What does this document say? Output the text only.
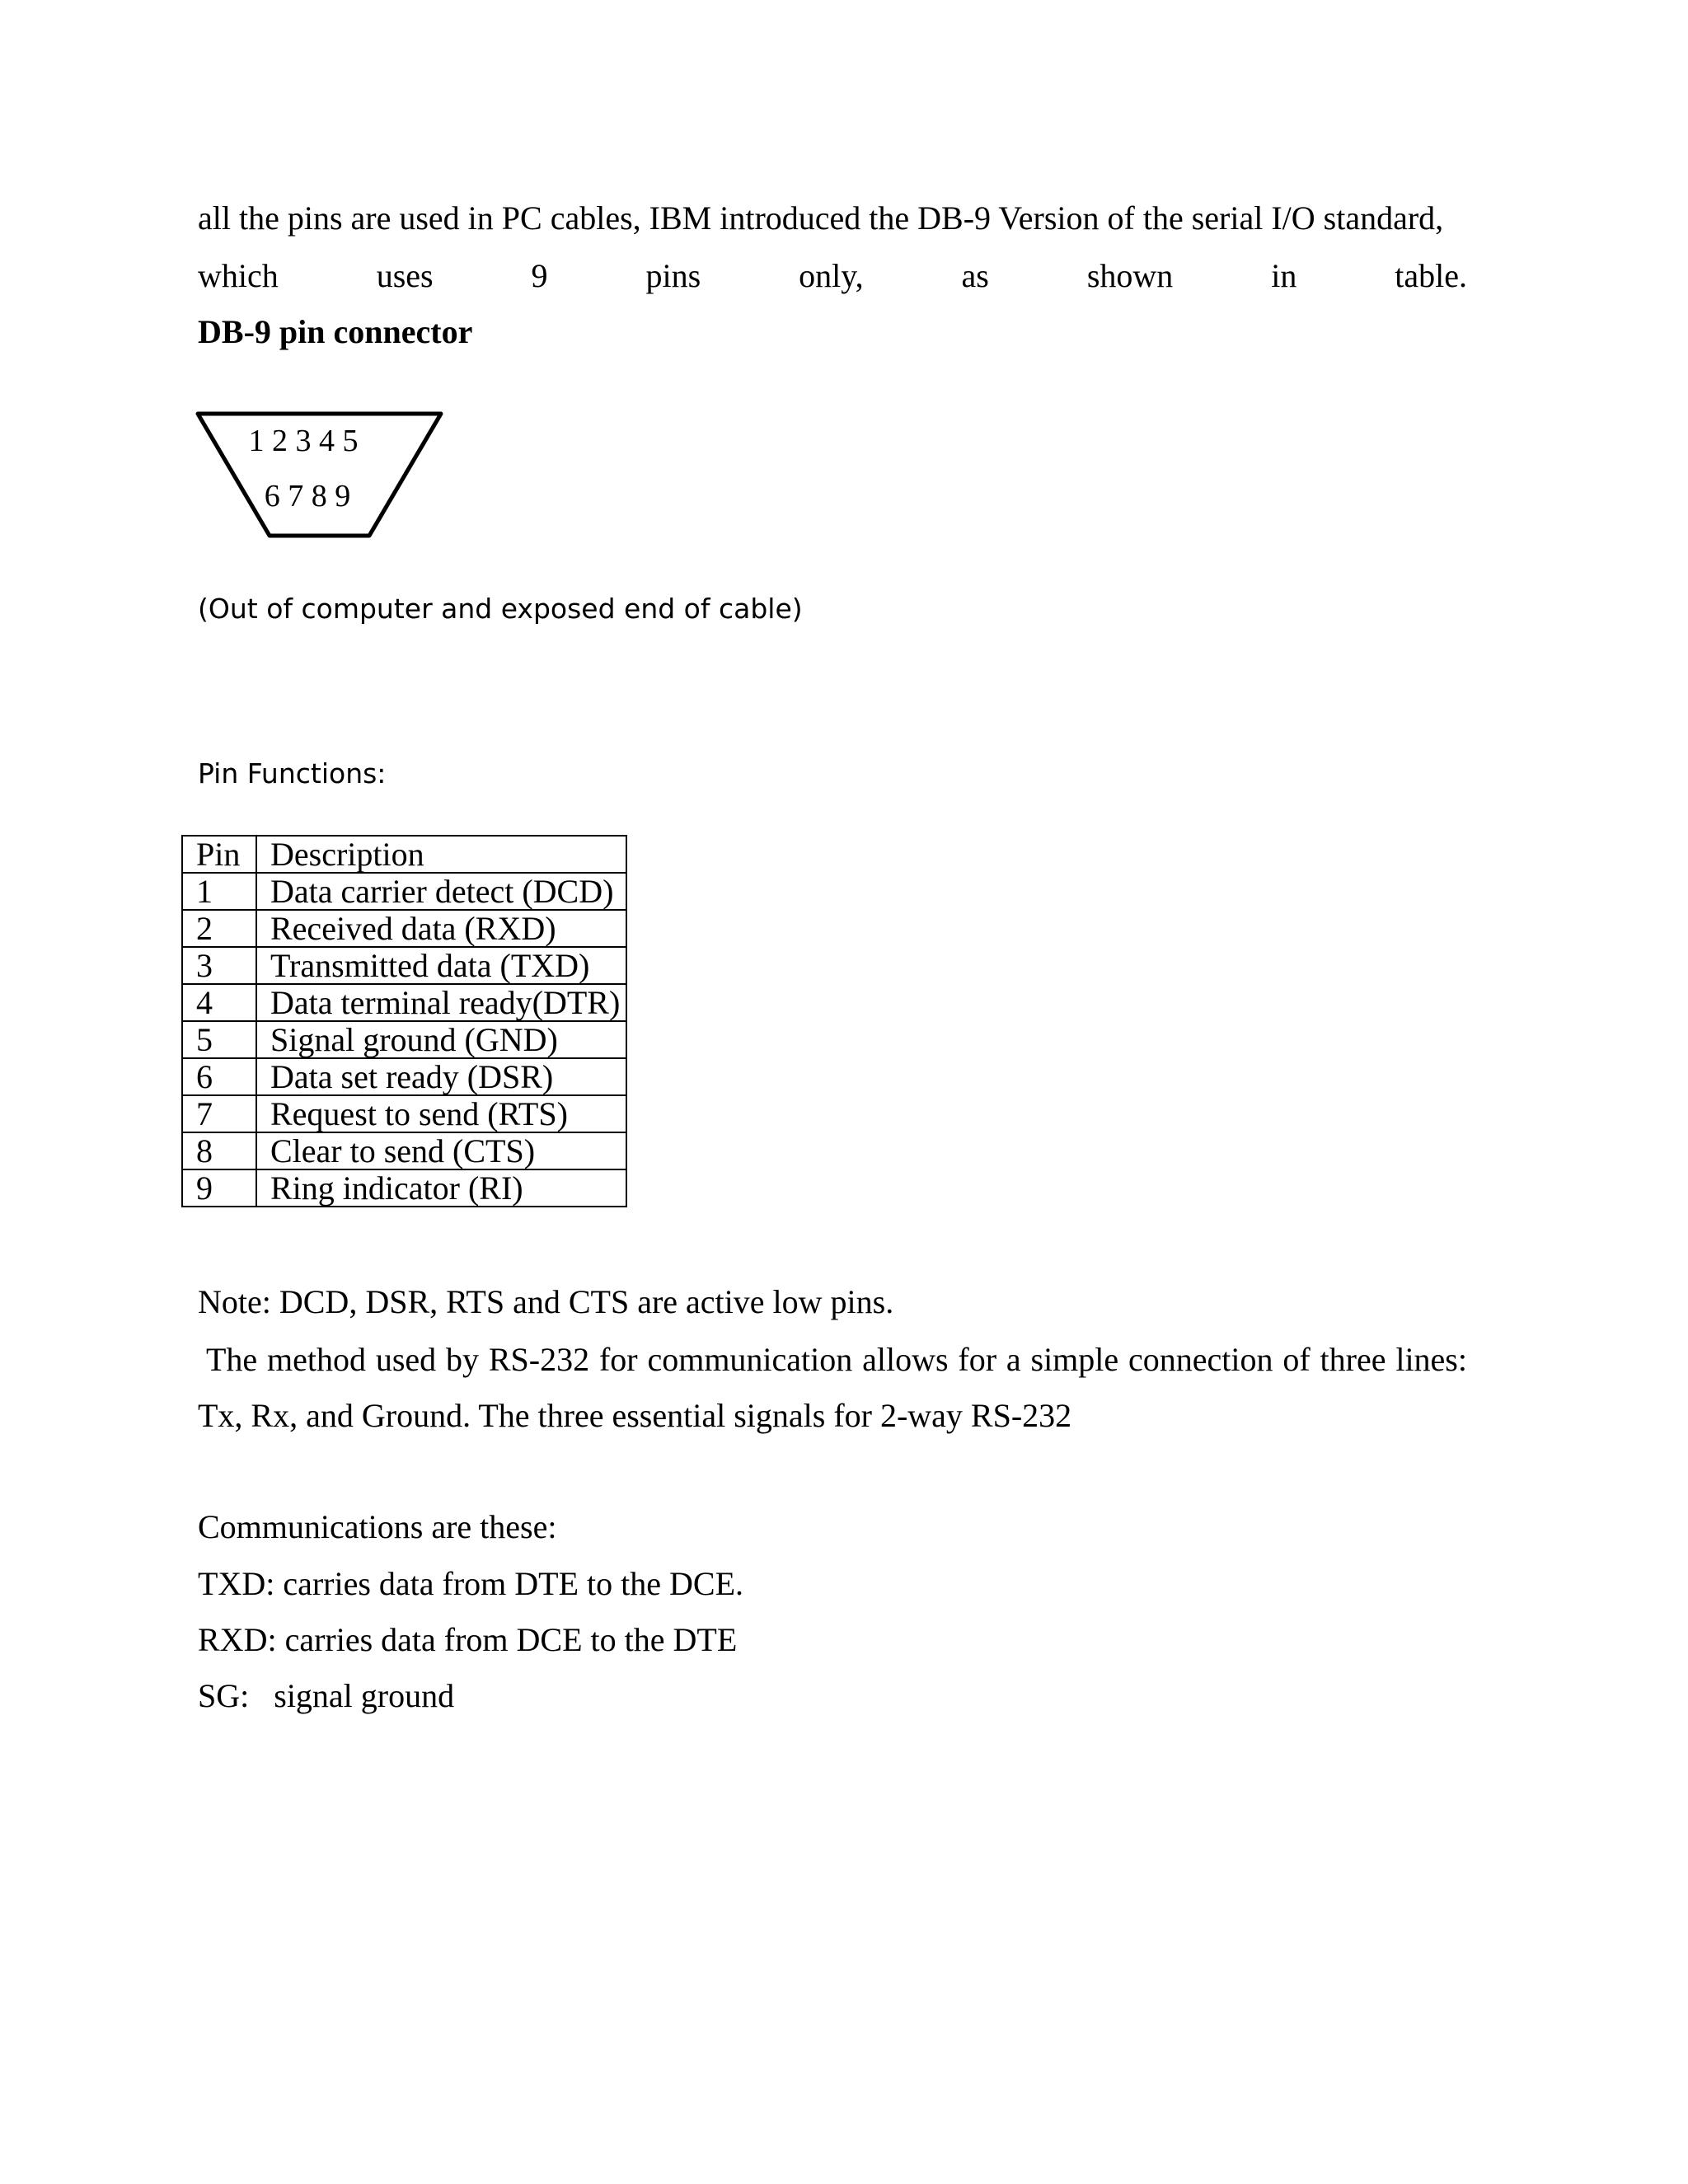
all the pins are used in PC cables, IBM introduced the DB-9 Version of the serial I/O standard,
which	uses	9	pins	only,	as	shown	in	table.
DB-9 pin connector
1 2 3 4 5
6 7 8 9
(Out of computer and exposed end of cable)
Pin Functions:
Pin	Description
1	Data carrier detect (DCD)
2	Received data (RXD)
3	Transmitted data (TXD)
4	Data terminal ready(DTR)
5	Signal ground (GND)
6	Data set ready (DSR)
7	Request to send (RTS)
8	Clear to send (CTS)
9	Ring indicator (RI)
Note: DCD, DSR, RTS and CTS are active low pins.
The method used by RS-232 for communication allows for a simple connection of three lines:
Tx, Rx, and Ground. The three essential signals for 2-way RS-232
Communications are these:
TXD: carries data from DTE to the DCE.
RXD: carries data from DCE to the DTE
SG:   signal ground
